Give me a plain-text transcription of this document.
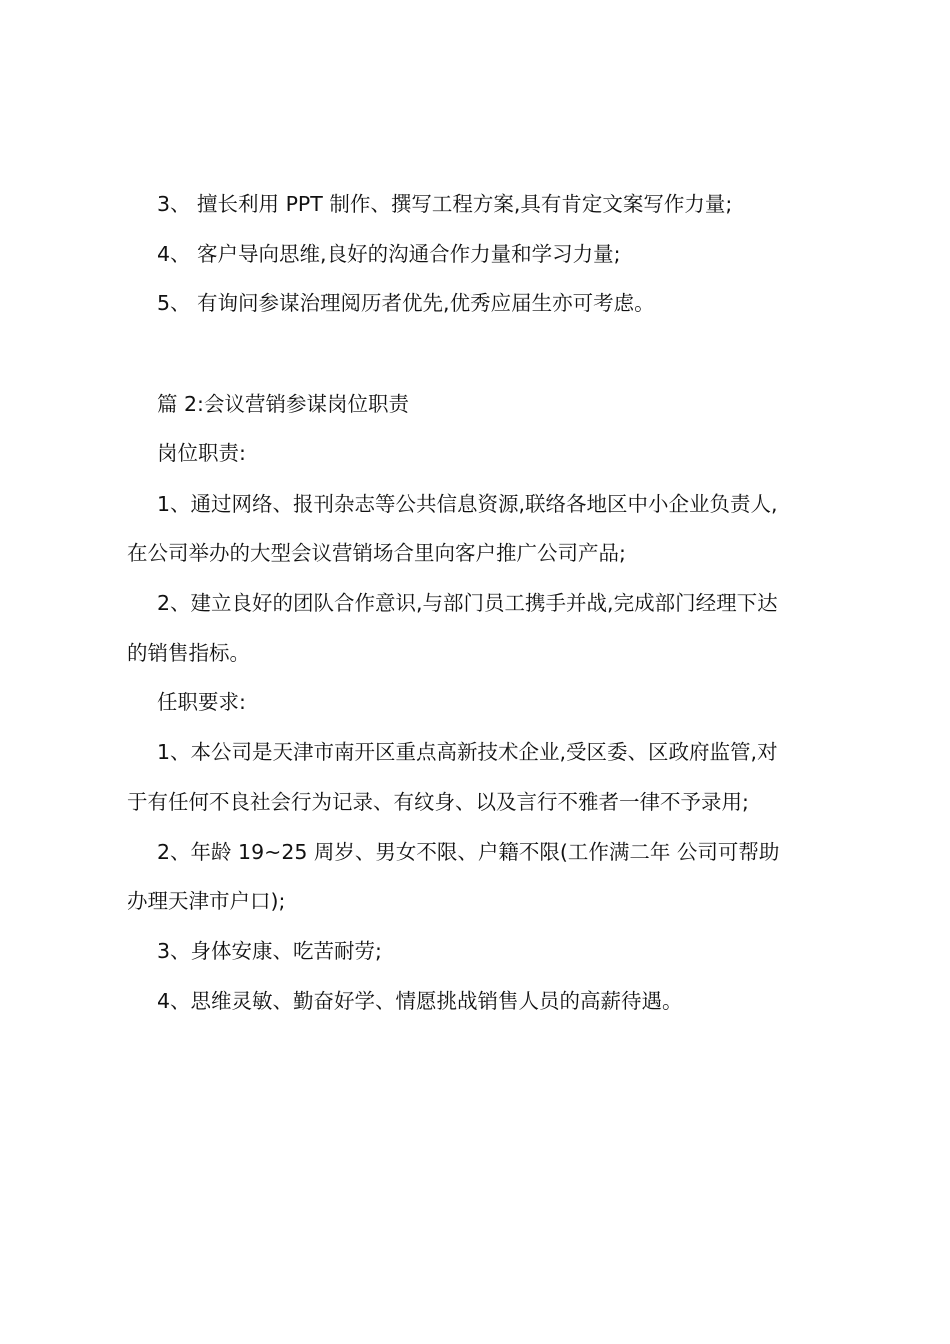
3、 擅长利用 PPT 制作、撰写工程方案,具有肯定文案写作力量;
4、 客户导向思维,良好的沟通合作力量和学习力量;
5、 有询问参谋治理阅历者优先,优秀应届生亦可考虑。
篇 2:会议营销参谋岗位职责
岗位职责:
1、通过网络、报刊杂志等公共信息资源,联络各地区中小企业负责人,
在公司举办的大型会议营销场合里向客户推广公司产品;
2、建立良好的团队合作意识,与部门员工携手并战,完成部门经理下达
的销售指标。
任职要求:
1、本公司是天津市南开区重点高新技术企业,受区委、区政府监管,对
于有任何不良社会行为记录、有纹身、以及言行不雅者一律不予录用;
2、年龄 19~25 周岁、男女不限、户籍不限(工作满二年 公司可帮助
办理天津市户口);
3、身体安康、吃苦耐劳;
4、思维灵敏、勤奋好学、情愿挑战销售人员的高薪待遇。
